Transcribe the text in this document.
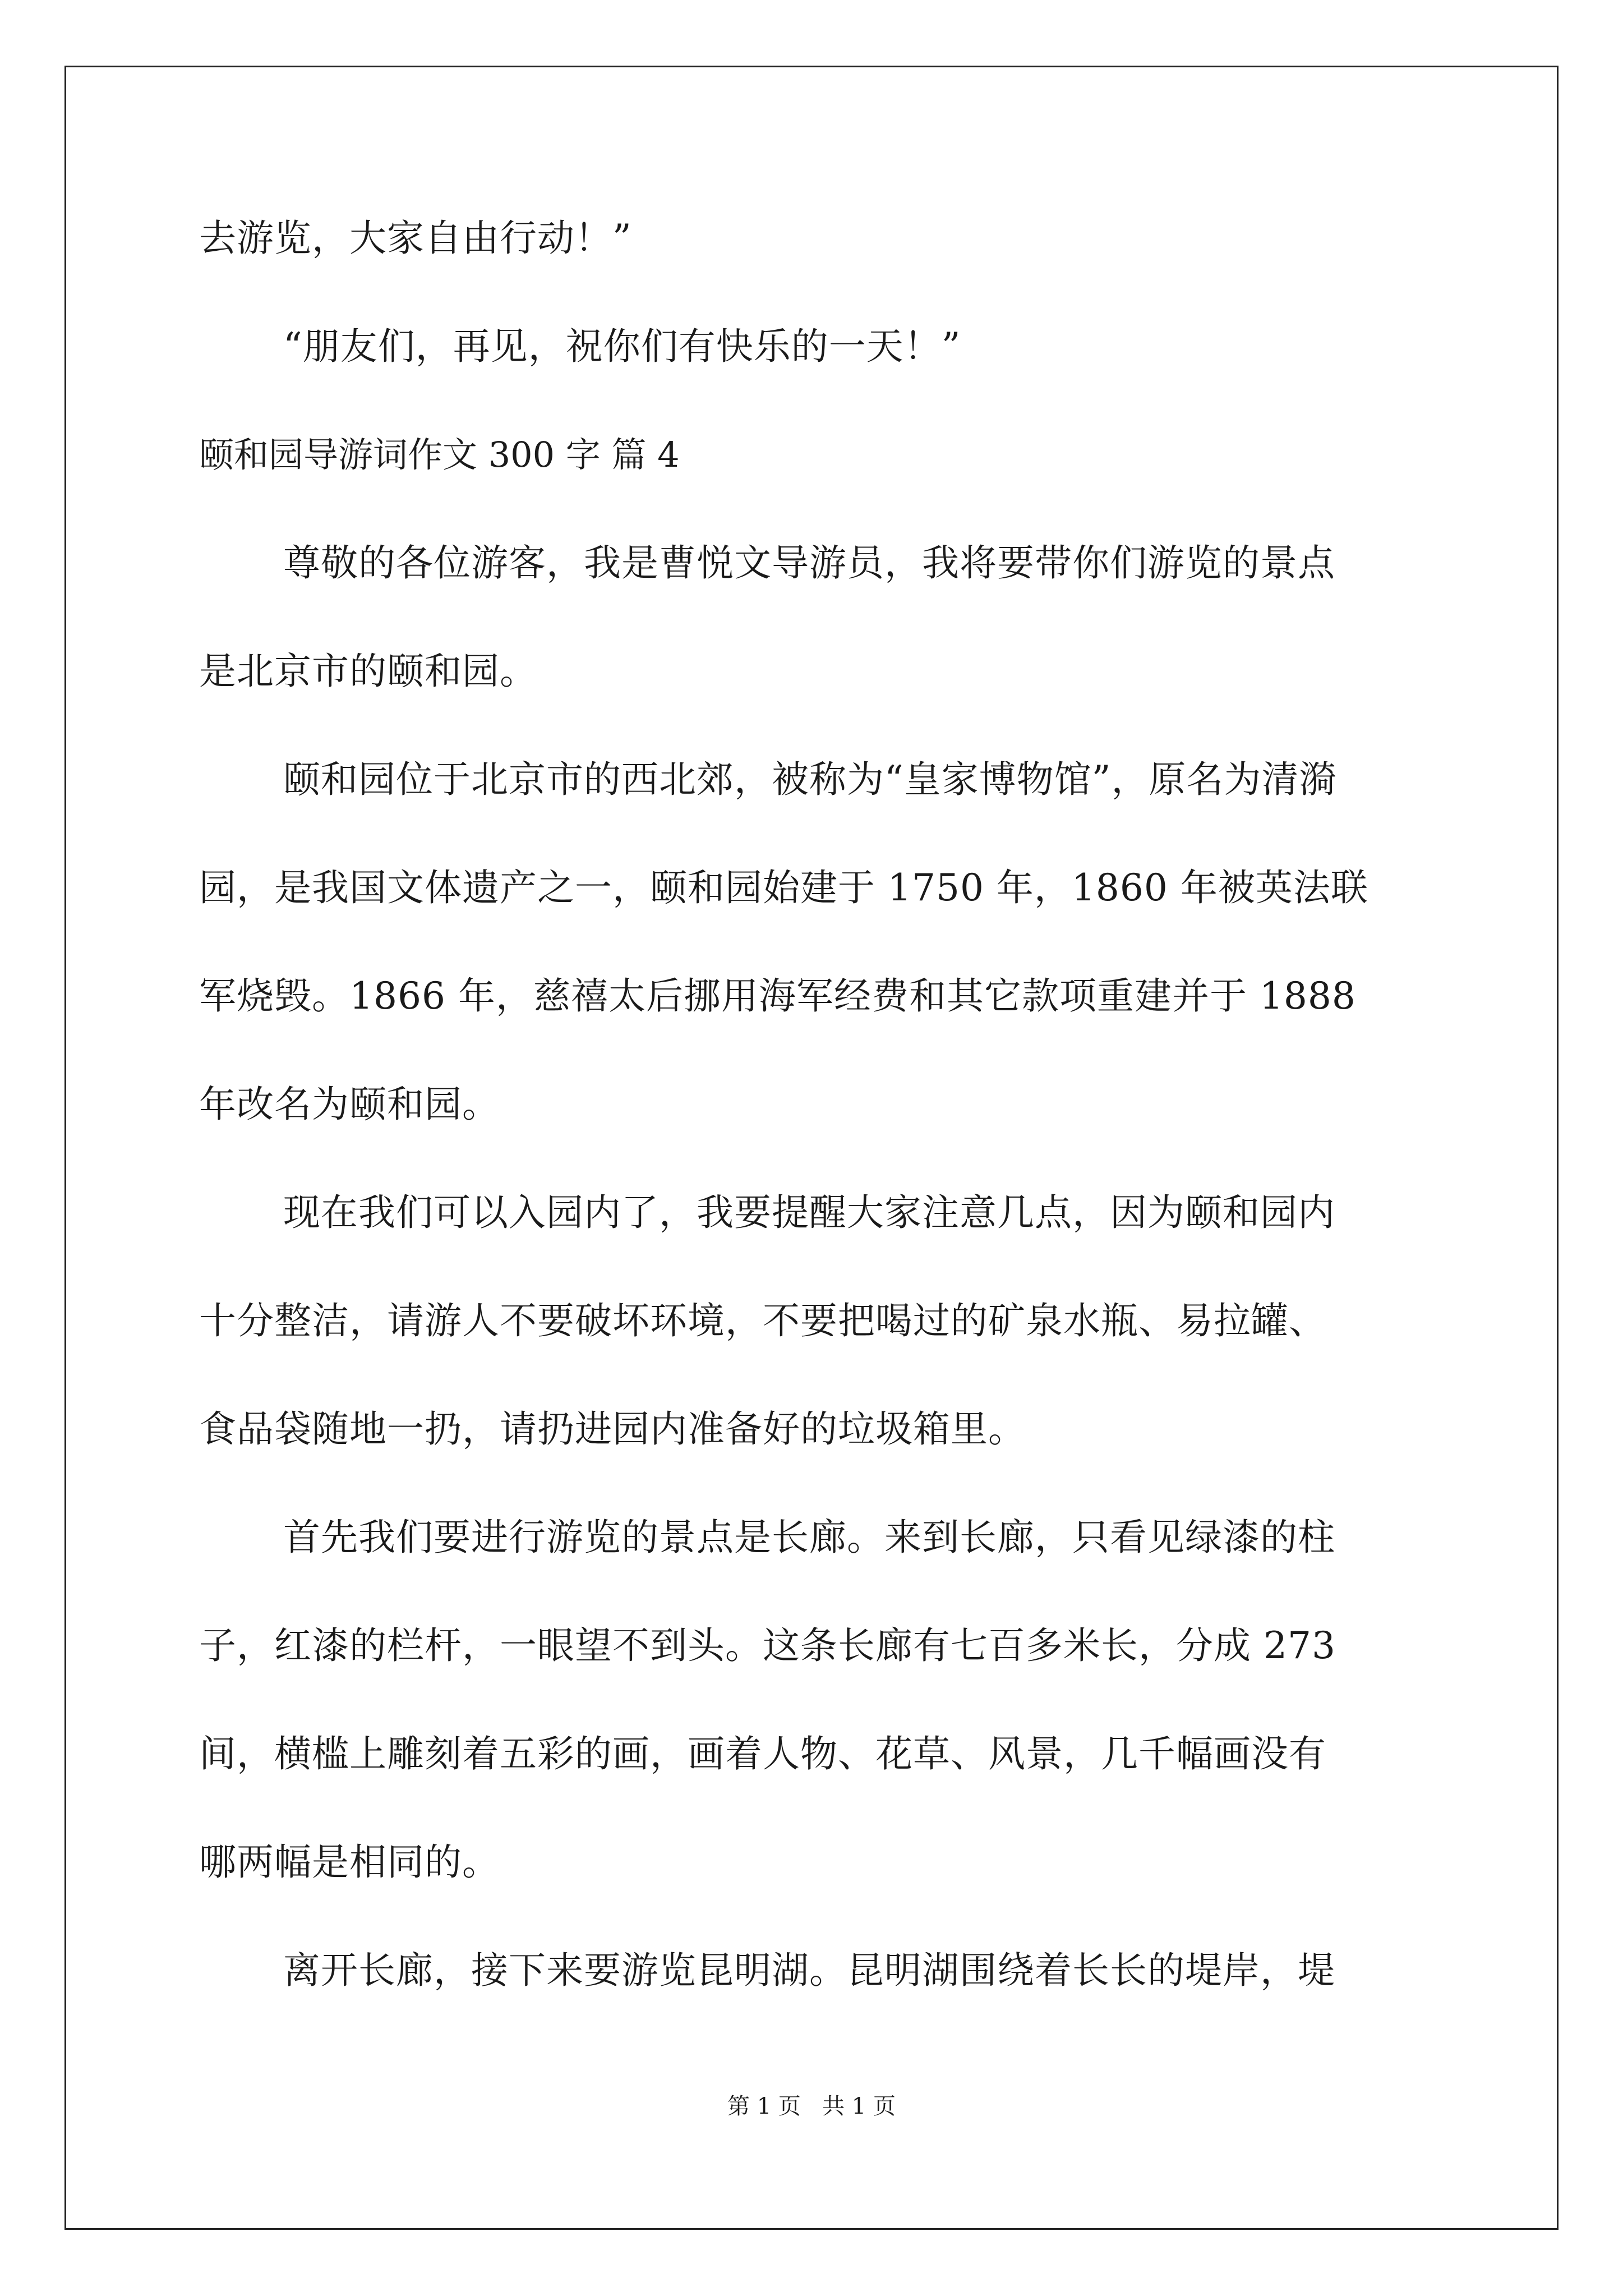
去游览，大家自由行动！”

“朋友们，再见，祝你们有快乐的一天！”

颐和园导游词作文 300 字 篇 4

尊敬的各位游客，我是曹悦文导游员，我将要带你们游览的景点

是北京市的颐和园。

颐和园位于北京市的西北郊，被称为“皇家博物馆”，原名为清漪

园，是我国文体遗产之一，颐和园始建于 1750 年，1860 年被英法联

军烧毁。1866 年，慈禧太后挪用海军经费和其它款项重建并于 1888

年改名为颐和园。

现在我们可以入园内了，我要提醒大家注意几点，因为颐和园内

十分整洁，请游人不要破坏环境，不要把喝过的矿泉水瓶、易拉罐、

食品袋随地一扔，请扔进园内准备好的垃圾箱里。

首先我们要进行游览的景点是长廊。来到长廊，只看见绿漆的柱

子，红漆的栏杆，一眼望不到头。这条长廊有七百多米长，分成 273

间，横槛上雕刻着五彩的画，画着人物、花草、风景，几千幅画没有

哪两幅是相同的。

离开长廊，接下来要游览昆明湖。昆明湖围绕着长长的堤岸，堤

第 1 页   共 1 页
